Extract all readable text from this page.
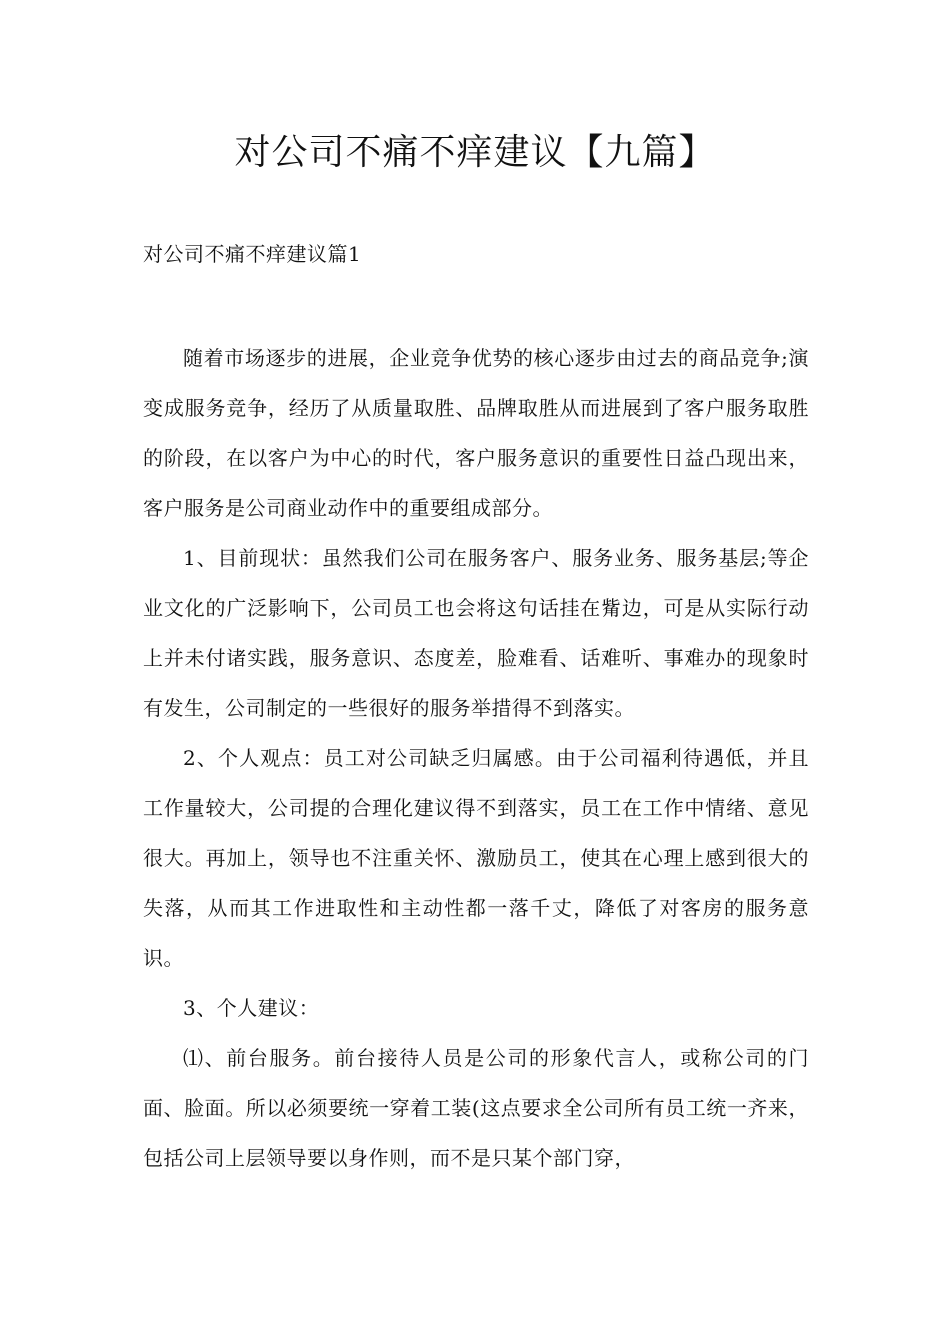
对公司不痛不痒建议【九篇】

对公司不痛不痒建议篇1

随着市场逐步的进展，企业竞争优势的核心逐步由过去的商品竞争;演变成服务竞争，经历了从质量取胜、品牌取胜从而进展到了客户服务取胜的阶段，在以客户为中心的时代，客户服务意识的重要性日益凸现出来，客户服务是公司商业动作中的重要组成部分。

1、目前现状：虽然我们公司在服务客户、服务业务、服务基层;等企业文化的广泛影响下，公司员工也会将这句话挂在觜边，可是从实际行动上并未付诸实践，服务意识、态度差，脸难看、话难听、事难办的现象时有发生，公司制定的一些很好的服务举措得不到落实。

2、个人观点：员工对公司缺乏归属感。由于公司福利待遇低，并且工作量较大，公司提的合理化建议得不到落实，员工在工作中情绪、意见很大。再加上，领导也不注重关怀、激励员工，使其在心理上感到很大的失落，从而其工作进取性和主动性都一落千丈，降低了对客房的服务意识。

3、个人建议：

⑴、前台服务。前台接待人员是公司的形象代言人，或称公司的门面、脸面。所以必须要统一穿着工装(这点要求全公司所有员工统一齐来，包括公司上层领导要以身作则，而不是只某个部门穿，
